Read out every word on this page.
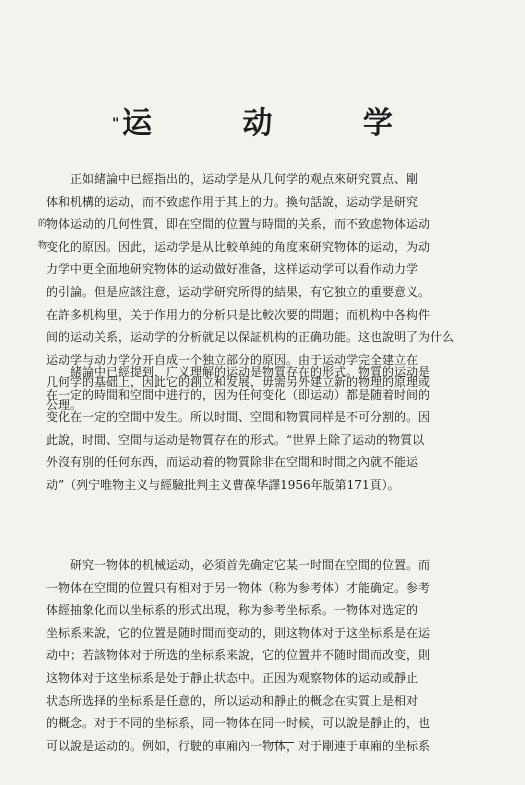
" 运 动 学
的
物
正如緒論中已經指出的，运动学是从几何学的观点來研究質点、剛
体和机構的运动，而不致虑作用于其上的力。換句話說，运动学是研究
物体运动的几何性質，即在空間的位置与時間的关系，而不致虑物体运动
变化的原因。因此，运动学是从比較单純的角度來研究物体的运动，为动
力学中更全面地研究物体的运动做好准备，这样运动学可以看作动力学
的引論。但是应該注意，运动学研究所得的結果，有它独立的重要意义。
在許多机构里，关于作用力的分析只是比較次要的問題；而机构中各构件
间的运动关系，运动学的分析就足以保証机构的正确功能。这也說明了为什么
运动学与动力学分开自成一个独立部分的原因。由于运动学完全建立在
几何学的基础上，因此它的創立和发展，毋需另外建立新的物理的原理或
公理。
緒論中已經提到，广义理解的运动是物質存在的形式。物質的运动是
在一定的時間和空間中进行的，因为任何变化（即运动）都是随着时间的
变化在一定的空間中发生。所以时間、空間和物質同样是不可分割的。因
此說，时間、空間与运动是物質存在的形式。“世界上除了运动的物質以
外沒有別的任何东西，而运动着的物質除非在空間和时間之內就不能运
动”（列宁唯物主义与經驗批判主义曹葆华譯1956年版第171頁）。
研究一物体的机械运动，必須首先确定它某一时間在空間的位置。而
一物体在空間的位置只有相对于另一物体（称为参考体）才能确定。参考
体經抽象化而以坐标系的形式出現，称为参考坐标系。一物体对选定的
坐标系来說，它的位置是随时間而变动的，則这物体对于这坐标系是在运
动中；若該物体对于所选的坐标系来說，它的位置并不随时間而改变，則
这物体对于这坐标系是处于靜止状态中。正因为观察物体的运动或靜止
状态所选择的坐标系是任意的，所以运动和靜止的概念在实質上是相对
的概念。对于不同的坐标系，同一物体在同一时候，可以說是靜止的，也
可以說是运动的。例如，行駛的車廂內一物体，对于剛連于車廂的坐标系
